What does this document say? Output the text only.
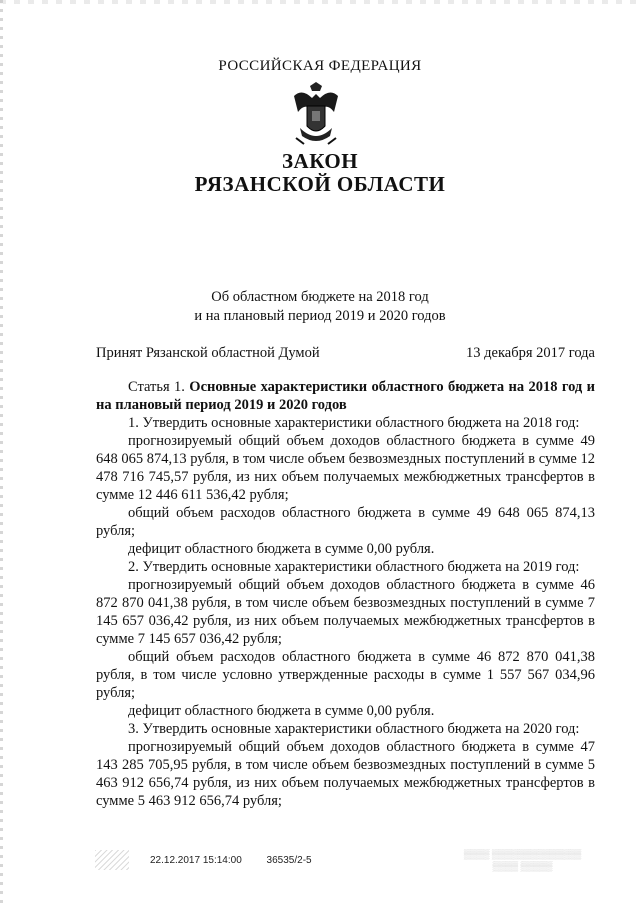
РОССИЙСКАЯ ФЕДЕРАЦИЯ
ЗАКОН
РЯЗАНСКОЙ ОБЛАСТИ
Об областном бюджете на 2018 год
и на плановый период 2019 и 2020 годов
Принят Рязанской областной Думой	13 декабря 2017 года

Статья 1. Основные характеристики областного бюджета на 2018 год и на плановый период 2019 и 2020 годов

1. Утвердить основные характеристики областного бюджета на 2018 год:

прогнозируемый общий объем доходов областного бюджета в сумме 49 648 065 874,13 рубля, в том числе объем безвозмездных поступлений в сумме 12 478 716 745,57 рубля, из них объем получаемых межбюджетных трансфертов в сумме 12 446 611 536,42 рубля;

общий объем расходов областного бюджета в сумме 49 648 065 874,13 рубля;

дефицит областного бюджета в сумме 0,00 рубля.

2. Утвердить основные характеристики областного бюджета на 2019 год:

прогнозируемый общий объем доходов областного бюджета в сумме 46 872 870 041,38 рубля, в том числе объем безвозмездных поступлений в сумме 7 145 657 036,42 рубля, из них объем получаемых межбюджетных трансфертов в сумме 7 145 657 036,42 рубля;

общий объем расходов областного бюджета в сумме 46 872 870 041,38 рубля, в том числе условно утвержденные расходы в сумме 1 557 567 034,96 рубля;

дефицит областного бюджета в сумме 0,00 рубля.

3. Утвердить основные характеристики областного бюджета на 2020 год:

прогнозируемый общий объем доходов областного бюджета в сумме 47 143 285 705,95 рубля, в том числе объем безвозмездных поступлений в сумме 5 463 912 656,74 рубля, из них объем получаемых межбюджетных трансфертов в сумме 5 463 912 656,74 рубля;

22.12.2017 15:14:00 36535/2-5
▒▒▒▒ ▒▒▒▒▒▒▒▒▒▒▒▒▒▒
▒▒▒▒ ▒▒▒▒▒
